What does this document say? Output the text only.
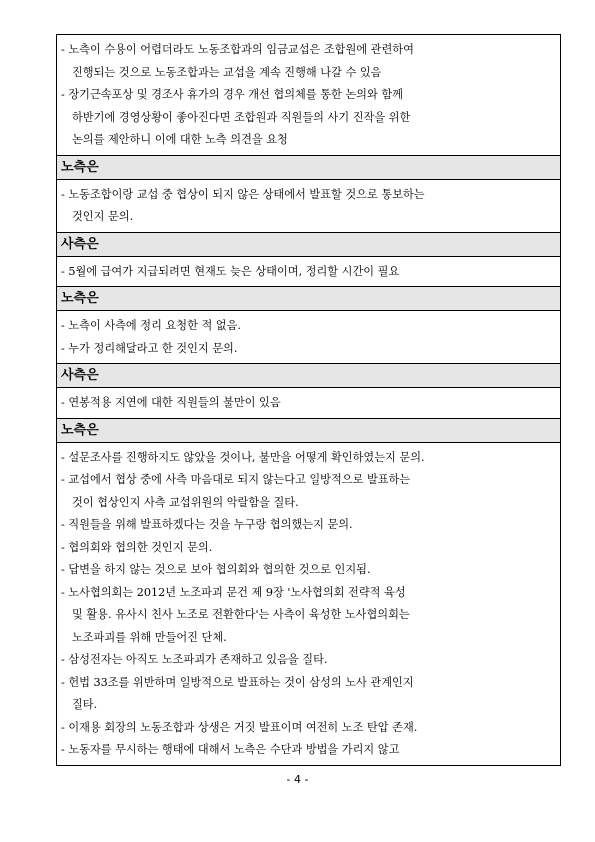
- 노측이 수용이 어렵더라도 노동조합과의 임금교섭은 조합원에 관련하여
진행되는 것으로 노동조합과는 교섭을 계속 진행해 나갈 수 있음
- 장기근속포상 및 경조사 휴가의 경우 개선 협의체를 통한 논의와 함께
하반기에 경영상황이 좋아진다면 조합원과 직원들의 사기 진작을 위한
논의를 제안하니 이에 대한 노측 의견을 요청
노측은
- 노동조합이랑 교섭 중 협상이 되지 않은 상태에서 발표할 것으로 통보하는
것인지 문의.
사측은
- 5월에 급여가 지급되려면 현재도 늦은 상태이며, 정리할 시간이 필요
노측은
- 노측이 사측에 정리 요청한 적 없음.
- 누가 정리해달라고 한 것인지 문의.
사측은
- 연봉적용 지연에 대한 직원들의 불만이 있음
노측은
- 설문조사를 진행하지도 않았을 것이나, 불만을 어떻게 확인하였는지 문의.
- 교섭에서 협상 중에 사측 마음대로 되지 않는다고 일방적으로 발표하는
것이 협상인지 사측 교섭위원의 악랄함을 질타.
- 직원들을 위해 발표하겠다는 것을 누구랑 협의했는지 문의.
- 협의회와 협의한 것인지 문의.
- 답변을 하지 않는 것으로 보아 협의회와 협의한 것으로 인지됨.
- 노사협의회는 2012년 노조파괴 문건 제 9장 '노사협의회 전략적 육성
및 활용. 유사시 친사 노조로 전환한다'는 사측이 육성한 노사협의회는
노조파괴를 위해 만들어진 단체.
- 삼성전자는 아직도 노조파괴가 존재하고 있음을 질타.
- 헌법 33조를 위반하며 일방적으로 발표하는 것이 삼성의 노사 관계인지
질타.
- 이재용 회장의 노동조합과 상생은 거짓 발표이며 여전히 노조 탄압 존재.
- 노동자를 무시하는 행태에 대해서 노측은 수단과 방법을 가리지 않고
- 4 -
